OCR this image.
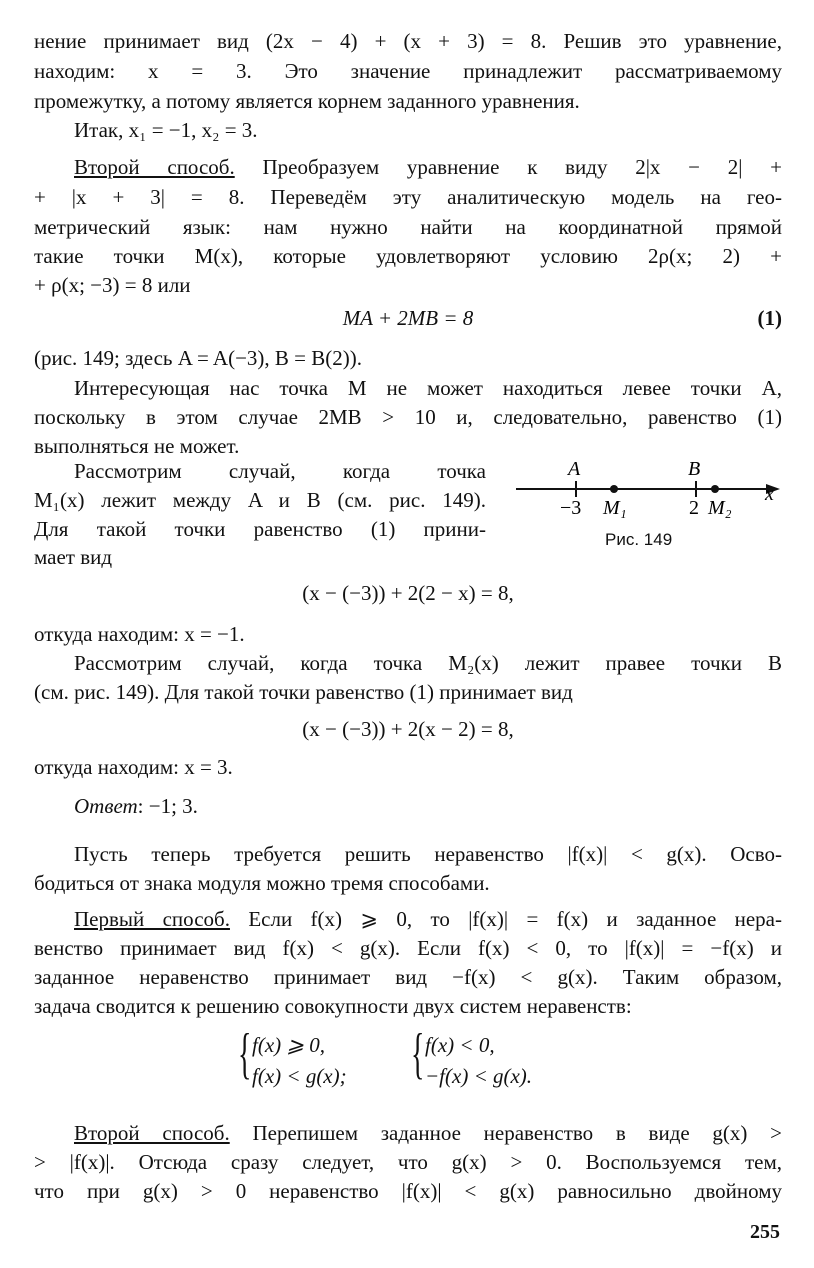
нение принимает вид (2x − 4) + (x + 3) = 8. Решив это уравнение,
находим: x = 3. Это значение принадлежит рассматриваемому
промежутку, а потому является корнем заданного уравнения.
Итак, x₁ = −1, x₂ = 3.
Второй способ. Преобразуем уравнение к виду 2|x − 2| +
+ |x + 3| = 8. Переведём эту аналитическую модель на гео-
метрический язык: нам нужно найти на координатной прямой
такие точки M(x), которые удовлетворяют условию 2ρ(x; 2) +
+ ρ(x; −3) = 8 или
MA + 2MB = 8	(1)
(рис. 149; здесь A = A(−3), B = B(2)).
Интересующая нас точка M не может находиться левее точки A,
поскольку в этом случае 2MB > 10 и, следовательно, равенство (1)
выполняться не может.
Рассмотрим случай, когда точка
M₁(x) лежит между A и B (см. рис. 149).
Для такой точки равенство (1) прини-
мает вид
A	B
−3 M₁	2 M₂
x
Рис. 149
(x − (−3)) + 2(2 − x) = 8,
откуда находим: x = −1.
Рассмотрим случай, когда точка M₂(x) лежит правее точки B
(см. рис. 149). Для такой точки равенство (1) принимает вид
(x − (−3)) + 2(x − 2) = 8,
откуда находим: x = 3.
Ответ: −1; 3.
Пусть теперь требуется решить неравенство |f(x)| < g(x). Осво-
бодиться от знака модуля можно тремя способами.
Первый способ. Если f(x) ⩾ 0, то |f(x)| = f(x) и заданное нера-
венство принимает вид f(x) < g(x). Если f(x) < 0, то |f(x)| = −f(x) и
заданное неравенство принимает вид −f(x) < g(x). Таким образом,
задача сводится к решению совокупности двух систем неравенств:
{ f(x) ⩾ 0,
f(x) < g(x); { f(x) < 0,
−f(x) < g(x).
Второй способ. Перепишем заданное неравенство в виде g(x) >
> |f(x)|. Отсюда сразу следует, что g(x) > 0. Воспользуемся тем,
что при g(x) > 0 неравенство |f(x)| < g(x) равносильно двойному
255
